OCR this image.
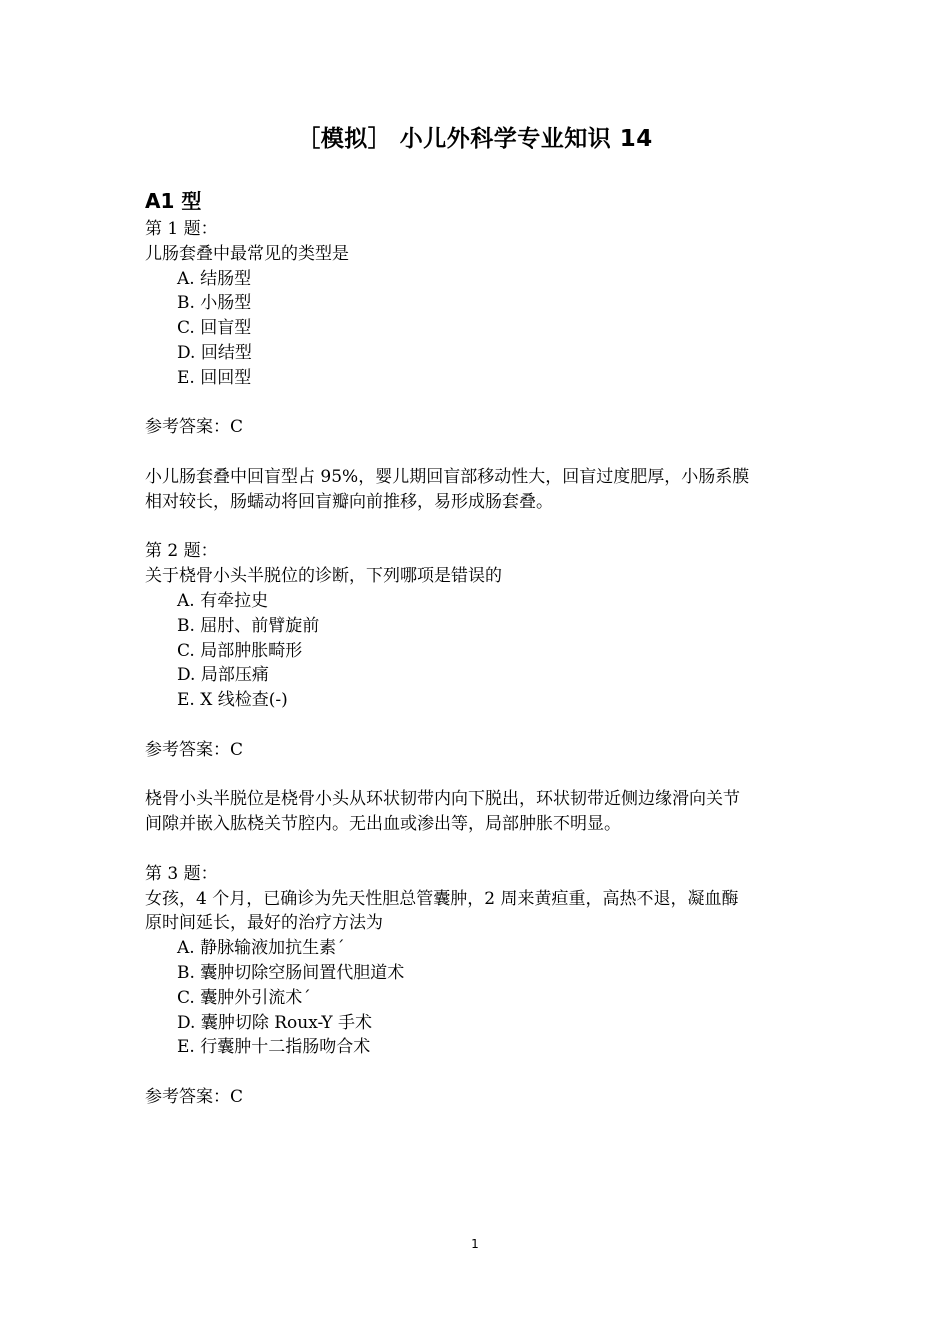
［模拟］ 小儿外科学专业知识 14
A1 型
第 1 题：
儿肠套叠中最常见的类型是
A. 结肠型
B. 小肠型
C. 回盲型
D. 回结型
E. 回回型
参考答案：C
小儿肠套叠中回盲型占 95%，婴儿期回盲部移动性大，回盲过度肥厚，小肠系膜
相对较长，肠蠕动将回盲瓣向前推移，易形成肠套叠。
第 2 题：
关于桡骨小头半脱位的诊断，下列哪项是错误的
A. 有牵拉史
B. 屈肘、前臂旋前
C. 局部肿胀畸形
D. 局部压痛
E. X 线检查(-)
参考答案：C
桡骨小头半脱位是桡骨小头从环状韧带内向下脱出，环状韧带近侧边缘滑向关节
间隙并嵌入肱桡关节腔内。无出血或渗出等，局部肿胀不明显。
第 3 题：
女孩，4 个月，已确诊为先天性胆总管囊肿，2 周来黄疸重，高热不退，凝血酶
原时间延长，最好的治疗方法为
A. 静脉输液加抗生素´
B. 囊肿切除空肠间置代胆道术
C. 囊肿外引流术´
D. 囊肿切除 Roux-Y 手术
E. 行囊肿十二指肠吻合术
参考答案：C
1
